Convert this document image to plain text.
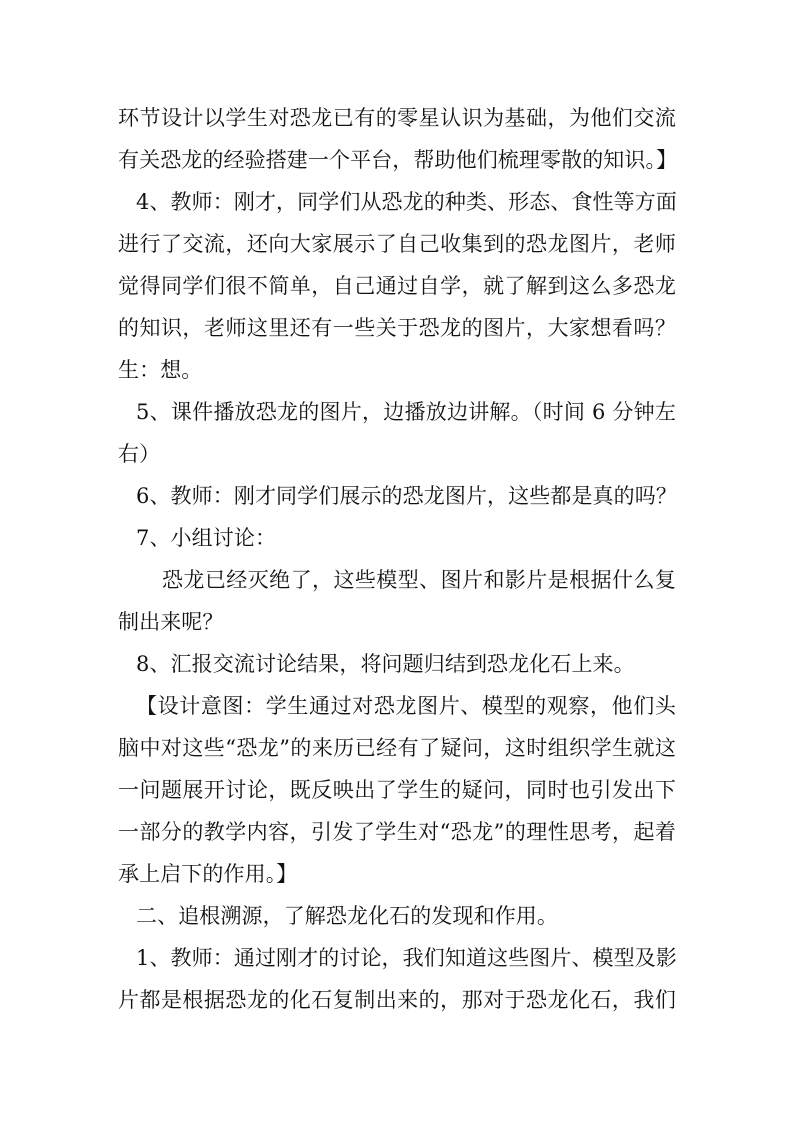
环节设计以学生对恐龙已有的零星认识为基础，为他们交流
有关恐龙的经验搭建一个平台，帮助他们梳理零散的知识。】
4、教师：刚才，同学们从恐龙的种类、形态、食性等方面
进行了交流，还向大家展示了自己收集到的恐龙图片，老师
觉得同学们很不简单，自己通过自学，就了解到这么多恐龙
的知识，老师这里还有一些关于恐龙的图片，大家想看吗？
生：想。
5、课件播放恐龙的图片，边播放边讲解。（时间 6 分钟左
右）
6、教师：刚才同学们展示的恐龙图片，这些都是真的吗？
7、小组讨论：
恐龙已经灭绝了，这些模型、图片和影片是根据什么复
制出来呢？
8、汇报交流讨论结果，将问题归结到恐龙化石上来。
【设计意图：学生通过对恐龙图片、模型的观察，他们头
脑中对这些“恐龙”的来历已经有了疑问，这时组织学生就这
一问题展开讨论，既反映出了学生的疑问，同时也引发出下
一部分的教学内容，引发了学生对“恐龙”的理性思考，起着
承上启下的作用。】
二、追根溯源，了解恐龙化石的发现和作用。
1、教师：通过刚才的讨论，我们知道这些图片、模型及影
片都是根据恐龙的化石复制出来的，那对于恐龙化石，我们
